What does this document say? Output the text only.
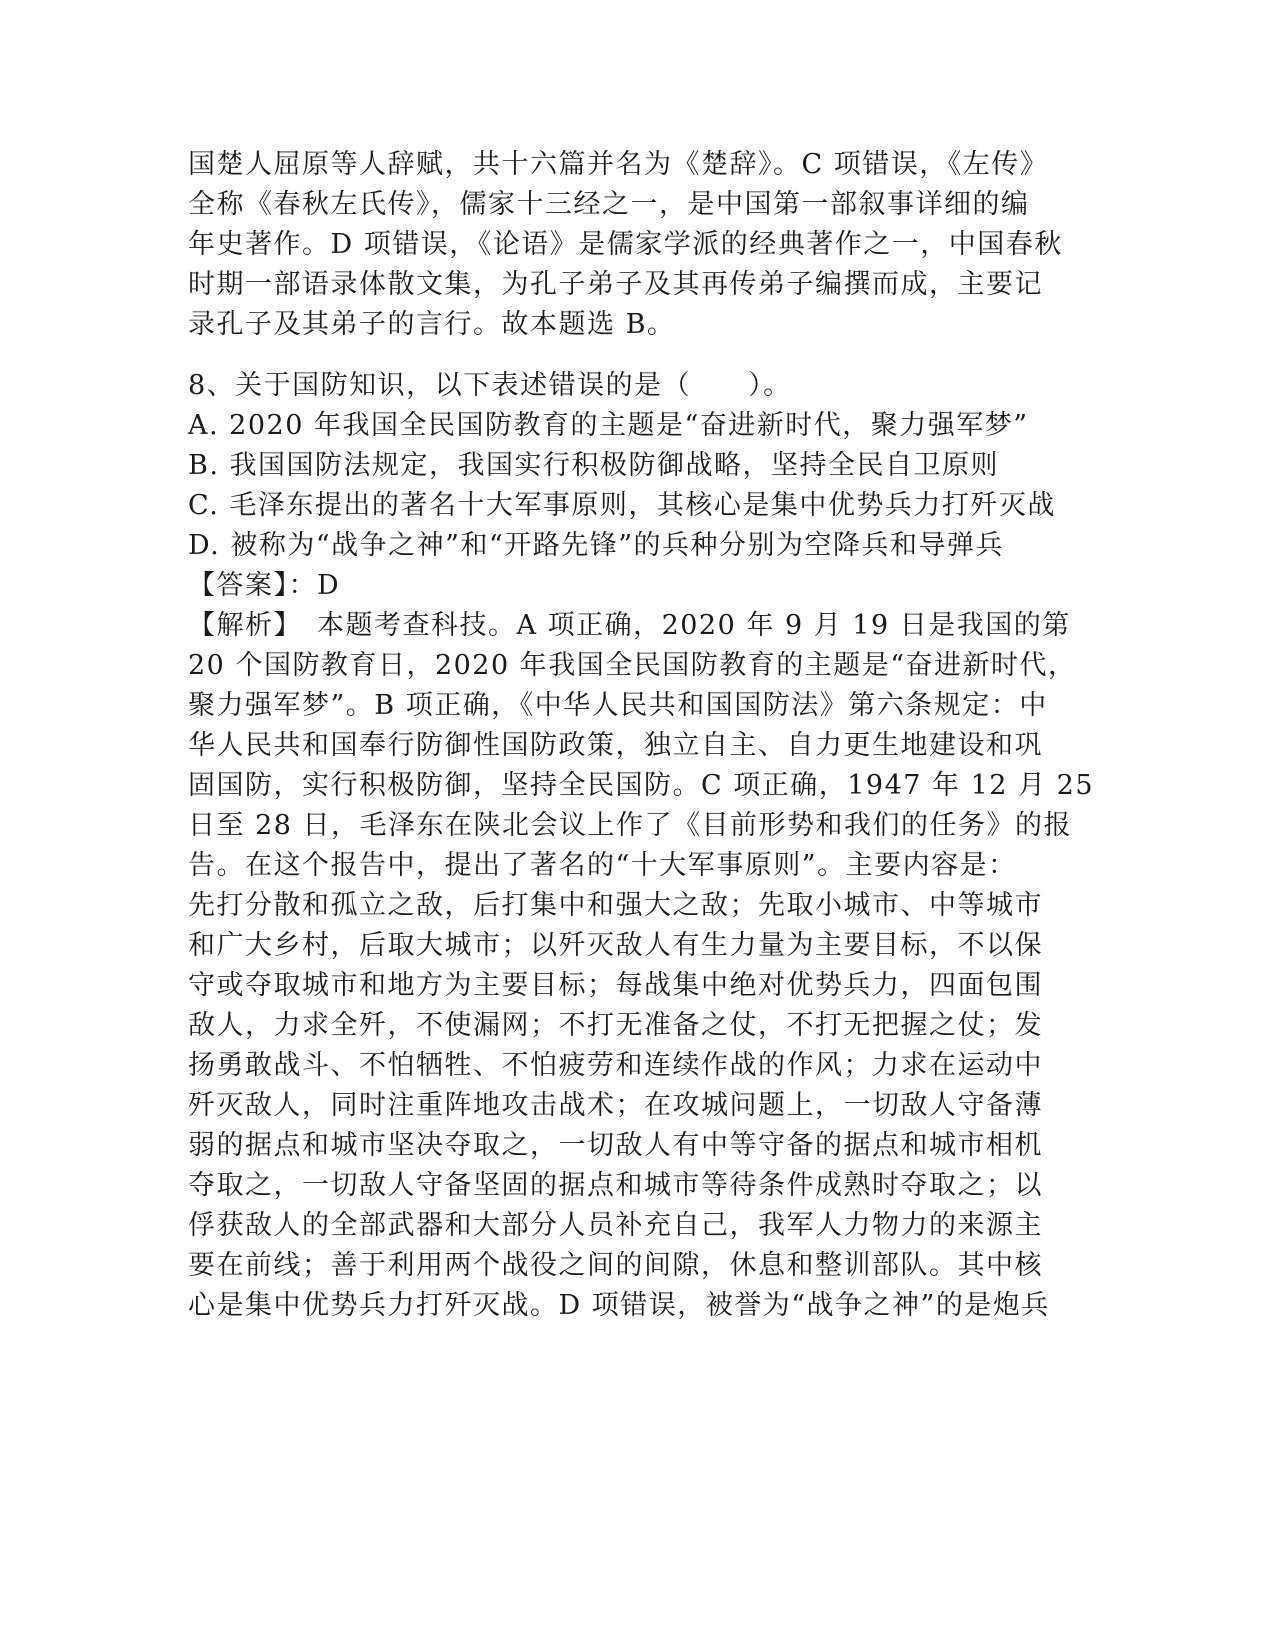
国楚人屈原等人辞赋，共十六篇并名为《楚辞》。C 项错误，《左传》
全称《春秋左氏传》，儒家十三经之一，是中国第一部叙事详细的编
年史著作。D 项错误，《论语》是儒家学派的经典著作之一，中国春秋
时期一部语录体散文集，为孔子弟子及其再传弟子编撰而成，主要记
录孔子及其弟子的言行。故本题选 B。
8、关于国防知识，以下表述错误的是（　　）。
A. 2020 年我国全民国防教育的主题是“奋进新时代，聚力强军梦”
B. 我国国防法规定，我国实行积极防御战略，坚持全民自卫原则
C. 毛泽东提出的著名十大军事原则，其核心是集中优势兵力打歼灭战
D. 被称为“战争之神”和“开路先锋”的兵种分别为空降兵和导弹兵
【答案】：D
【解析】　本题考查科技。A 项正确，2020 年 9 月 19 日是我国的第
20 个国防教育日，2020 年我国全民国防教育的主题是“奋进新时代，
聚力强军梦”。B 项正确，《中华人民共和国国防法》第六条规定：中
华人民共和国奉行防御性国防政策，独立自主、自力更生地建设和巩
固国防，实行积极防御，坚持全民国防。C 项正确，1947 年 12 月 25
日至 28 日，毛泽东在陕北会议上作了《目前形势和我们的任务》的报
告。在这个报告中，提出了著名的“十大军事原则”。主要内容是：
先打分散和孤立之敌，后打集中和强大之敌；先取小城市、中等城市
和广大乡村，后取大城市；以歼灭敌人有生力量为主要目标，不以保
守或夺取城市和地方为主要目标；每战集中绝对优势兵力，四面包围
敌人，力求全歼，不使漏网；不打无准备之仗，不打无把握之仗；发
扬勇敢战斗、不怕牺牲、不怕疲劳和连续作战的作风；力求在运动中
歼灭敌人，同时注重阵地攻击战术；在攻城问题上，一切敌人守备薄
弱的据点和城市坚决夺取之，一切敌人有中等守备的据点和城市相机
夺取之，一切敌人守备坚固的据点和城市等待条件成熟时夺取之；以
俘获敌人的全部武器和大部分人员补充自己，我军人力物力的来源主
要在前线；善于利用两个战役之间的间隙，休息和整训部队。其中核
心是集中优势兵力打歼灭战。D 项错误，被誉为“战争之神”的是炮兵
